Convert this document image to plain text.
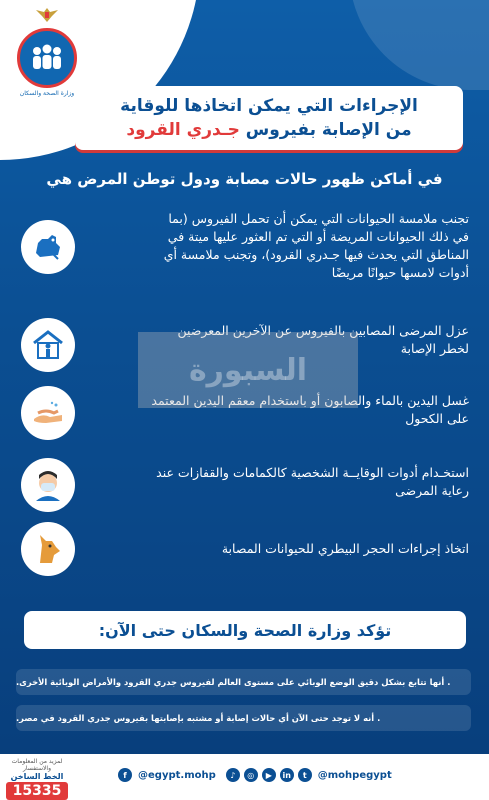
وزارة الصحة والسكان
الإجراءات التي يمكن اتخاذها للوقاية
من الإصابة بفيروس جـدري القرود
في أماكن ظهور حالات مصابة ودول توطن المرض هي
تجنب ملامسة الحيوانات التي يمكن أن تحمل الفيروس (بما في ذلك الحيوانات المريضة أو التي تم العثور عليها ميتة في المناطق التي يحدث فيها جـدري القرود)، وتجنب ملامسة أي أدوات لامسها حيوانًا مريضًا
عزل المرضى المصابين بالفيروس عن الآخرين المعرضين لخطر الإصابة
غسل اليدين بالماء والصابون أو باستخدام معقم اليدين المعتمد على الكحول
استخـدام أدوات الوقايــة الشخصية كالكمامات والقفازات عند رعاية المرضى
اتخاذ إجراءات الحجر البيطري للحيوانات المصابة
السبورة
تؤكد وزارة الصحة والسكان حتى الآن:
. أنها تتابع بشكل دقيق الوضع الوبائي على مستوى العالم لفيروس جدري القرود والأمراض الوبائية الأخرى.
. أنه لا توجد حتى الآن أي حالات إصابة أو مشتبه بإصابتها بفيروس جدري القرود في مصر.
لمزيد من المعلومات والاستفسار
الخط الساخن
15335
f	@egypt.mohp	♪	◎	▶	in	t	@mohpegypt
